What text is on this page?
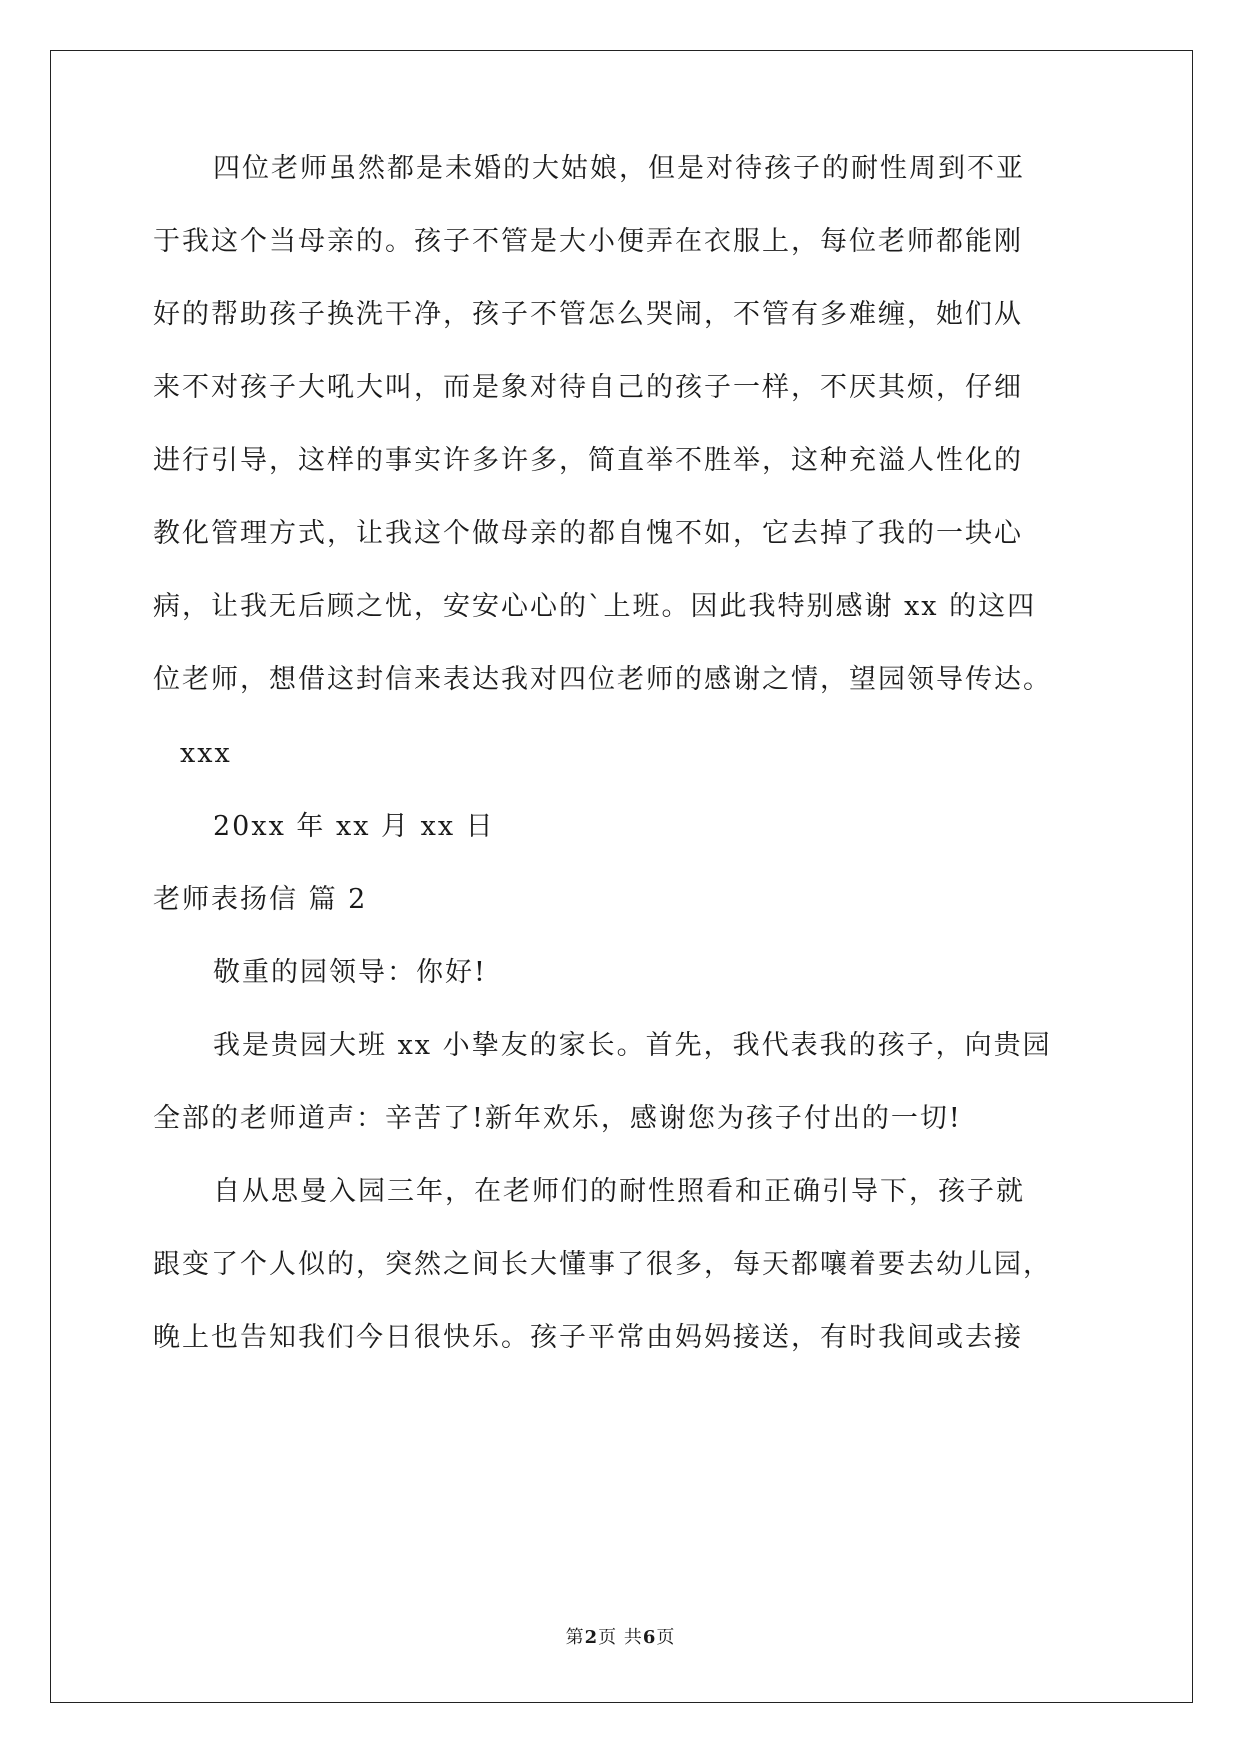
四位老师虽然都是未婚的大姑娘，但是对待孩子的耐性周到不亚
于我这个当母亲的。孩子不管是大小便弄在衣服上，每位老师都能刚
好的帮助孩子换洗干净，孩子不管怎么哭闹，不管有多难缠，她们从
来不对孩子大吼大叫，而是象对待自己的孩子一样，不厌其烦，仔细
进行引导，这样的事实许多许多，简直举不胜举，这种充溢人性化的
教化管理方式，让我这个做母亲的都自愧不如，它去掉了我的一块心
病，让我无后顾之忧，安安心心的`上班。因此我特别感谢 xx 的这四
位老师，想借这封信来表达我对四位老师的感谢之情，望园领导传达。
xxx
20xx 年 xx 月 xx 日
老师表扬信 篇 2
敬重的园领导：你好!
我是贵园大班 xx 小挚友的家长。首先，我代表我的孩子，向贵园
全部的老师道声：辛苦了!新年欢乐，感谢您为孩子付出的一切!
自从思曼入园三年，在老师们的耐性照看和正确引导下，孩子就
跟变了个人似的，突然之间长大懂事了很多，每天都嚷着要去幼儿园，
晚上也告知我们今日很快乐。孩子平常由妈妈接送，有时我间或去接
第2页 共6页
